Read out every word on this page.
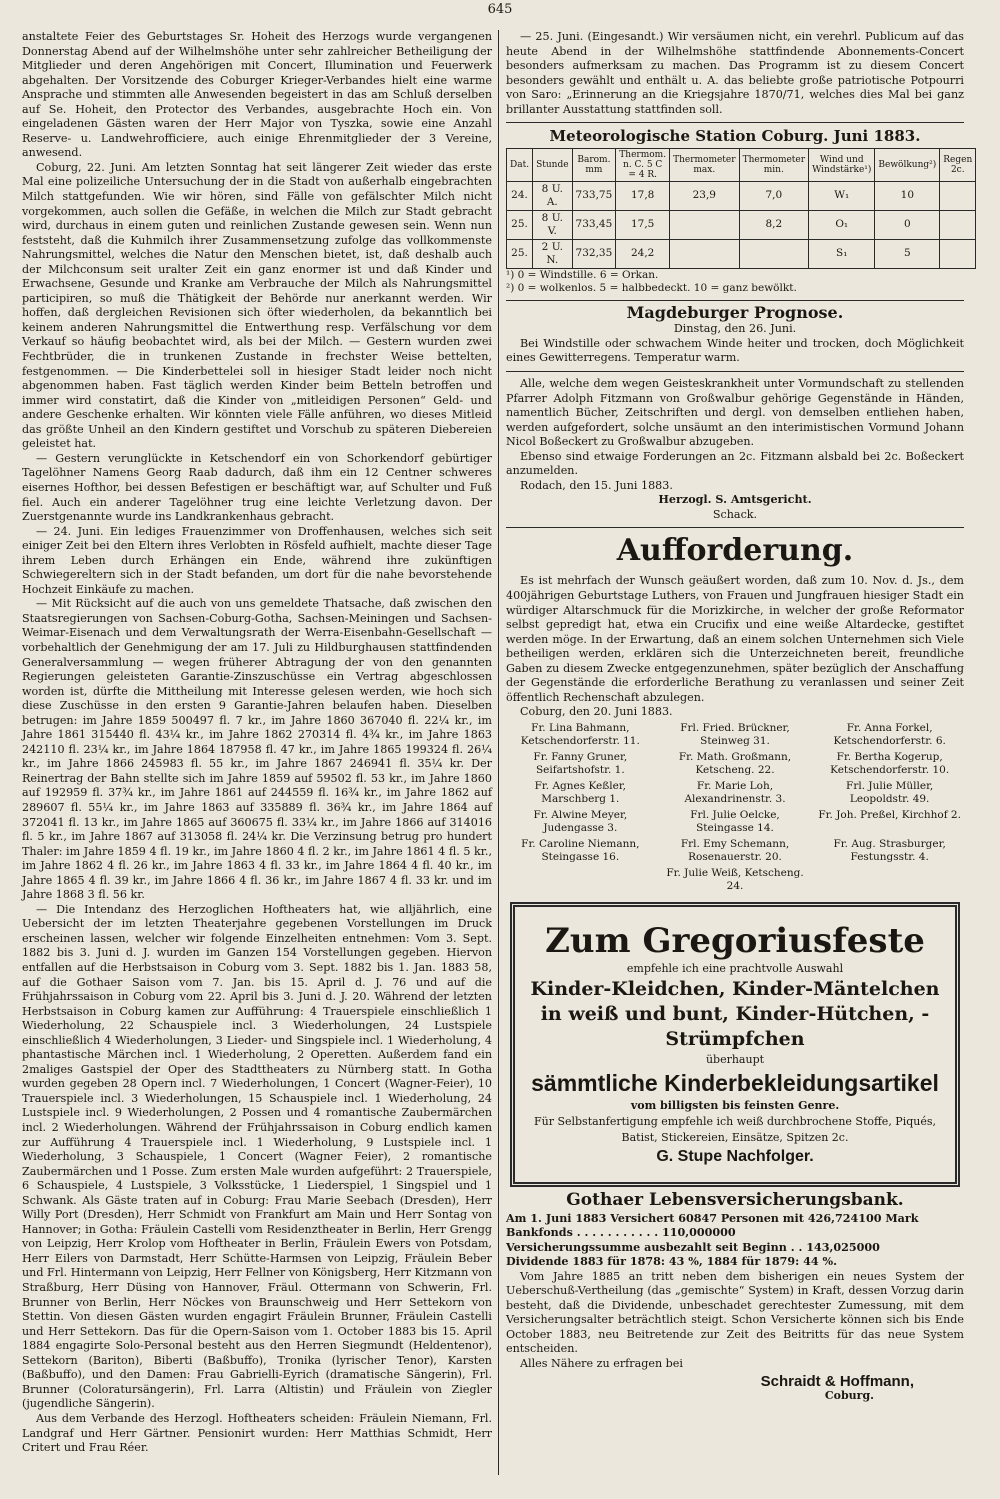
645

anstaltete Feier des Geburtstages Sr. Hoheit des Herzogs wurde vergangenen Donnerstag Abend auf der Wilhelmshöhe unter sehr zahlreicher Betheiligung der Mitglieder und deren Angehörigen mit Concert, Illumination und Feuerwerk abgehalten. Der Vorsitzende des Coburger Krieger-Verbandes hielt eine warme Ansprache und stimmten alle Anwesenden begeistert in das am Schluß derselben auf Se. Hoheit, den Protector des Verbandes, ausgebrachte Hoch ein. Von eingeladenen Gästen waren der Herr Major von Tyszka, sowie eine Anzahl Reserve- u. Landwehrofficiere, auch einige Ehrenmitglieder der 3 Vereine, anwesend.

Coburg, 22. Juni. Am letzten Sonntag hat seit längerer Zeit wieder das erste Mal eine polizeiliche Untersuchung der in die Stadt von außerhalb eingebrachten Milch stattgefunden. Wie wir hören, sind Fälle von gefälschter Milch nicht vorgekommen, auch sollen die Gefäße, in welchen die Milch zur Stadt gebracht wird, durchaus in einem guten und reinlichen Zustande gewesen sein. Wenn nun feststeht, daß die Kuhmilch ihrer Zusammensetzung zufolge das vollkommenste Nahrungsmittel, welches die Natur den Menschen bietet, ist, daß deshalb auch der Milchconsum seit uralter Zeit ein ganz enormer ist und daß Kinder und Erwachsene, Gesunde und Kranke am Verbrauche der Milch als Nahrungsmittel participiren, so muß die Thätigkeit der Behörde nur anerkannt werden. Wir hoffen, daß dergleichen Revisionen sich öfter wiederholen, da bekanntlich bei keinem anderen Nahrungsmittel die Entwerthung resp. Verfälschung vor dem Verkauf so häufig beobachtet wird, als bei der Milch. — Gestern wurden zwei Fechtbrüder, die in trunkenen Zustande in frechster Weise bettelten, festgenommen. — Die Kinderbettelei soll in hiesiger Stadt leider noch nicht abgenommen haben. Fast täglich werden Kinder beim Betteln betroffen und immer wird constatirt, daß die Kinder von „mitleidigen Personen“ Geld- und andere Geschenke erhalten. Wir könnten viele Fälle anführen, wo dieses Mitleid das größte Unheil an den Kindern gestiftet und Vorschub zu späteren Diebereien geleistet hat.

— Gestern verunglückte in Ketschendorf ein von Schorkendorf gebürtiger Tagelöhner Namens Georg Raab dadurch, daß ihm ein 12 Centner schweres eisernes Hofthor, bei dessen Befestigen er beschäftigt war, auf Schulter und Fuß fiel. Auch ein anderer Tagelöhner trug eine leichte Verletzung davon. Der Zuerstgenannte wurde ins Landkrankenhaus gebracht.

— 24. Juni. Ein lediges Frauenzimmer von Droffenhausen, welches sich seit einiger Zeit bei den Eltern ihres Verlobten in Rösfeld aufhielt, machte dieser Tage ihrem Leben durch Erhängen ein Ende, während ihre zukünftigen Schwiegereltern sich in der Stadt befanden, um dort für die nahe bevorstehende Hochzeit Einkäufe zu machen.

— Mit Rücksicht auf die auch von uns gemeldete Thatsache, daß zwischen den Staatsregierungen von Sachsen-Coburg-Gotha, Sachsen-Meiningen und Sachsen-Weimar-Eisenach und dem Verwaltungsrath der Werra-Eisenbahn-Gesellschaft — vorbehaltlich der Genehmigung der am 17. Juli zu Hildburghausen stattfindenden Generalversammlung — wegen früherer Abtragung der von den genannten Regierungen geleisteten Garantie-Zinszuschüsse ein Vertrag abgeschlossen worden ist, dürfte die Mittheilung mit Interesse gelesen werden, wie hoch sich diese Zuschüsse in den ersten 9 Garantie-Jahren belaufen haben. Dieselben betrugen: im Jahre 1859 500497 fl. 7 kr., im Jahre 1860 367040 fl. 22¼ kr., im Jahre 1861 315440 fl. 43¼ kr., im Jahre 1862 270314 fl. 4¾ kr., im Jahre 1863 242110 fl. 23¼ kr., im Jahre 1864 187958 fl. 47 kr., im Jahre 1865 199324 fl. 26¼ kr., im Jahre 1866 245983 fl. 55 kr., im Jahre 1867 246941 fl. 35¼ kr. Der Reinertrag der Bahn stellte sich im Jahre 1859 auf 59502 fl. 53 kr., im Jahre 1860 auf 192959 fl. 37¾ kr., im Jahre 1861 auf 244559 fl. 16¾ kr., im Jahre 1862 auf 289607 fl. 55¼ kr., im Jahre 1863 auf 335889 fl. 36¾ kr., im Jahre 1864 auf 372041 fl. 13 kr., im Jahre 1865 auf 360675 fl. 33¼ kr., im Jahre 1866 auf 314016 fl. 5 kr., im Jahre 1867 auf 313058 fl. 24¼ kr. Die Verzinsung betrug pro hundert Thaler: im Jahre 1859 4 fl. 19 kr., im Jahre 1860 4 fl. 2 kr., im Jahre 1861 4 fl. 5 kr., im Jahre 1862 4 fl. 26 kr., im Jahre 1863 4 fl. 33 kr., im Jahre 1864 4 fl. 40 kr., im Jahre 1865 4 fl. 39 kr., im Jahre 1866 4 fl. 36 kr., im Jahre 1867 4 fl. 33 kr. und im Jahre 1868 3 fl. 56 kr.

— Die Intendanz des Herzoglichen Hoftheaters hat, wie alljährlich, eine Uebersicht der im letzten Theaterjahre gegebenen Vorstellungen im Druck erscheinen lassen, welcher wir folgende Einzelheiten entnehmen: Vom 3. Sept. 1882 bis 3. Juni d. J. wurden im Ganzen 154 Vorstellungen gegeben. Hiervon entfallen auf die Herbstsaison in Coburg vom 3. Sept. 1882 bis 1. Jan. 1883 58, auf die Gothaer Saison vom 7. Jan. bis 15. April d. J. 76 und auf die Frühjahrssaison in Coburg vom 22. April bis 3. Juni d. J. 20. Während der letzten Herbstsaison in Coburg kamen zur Aufführung: 4 Trauerspiele einschließlich 1 Wiederholung, 22 Schauspiele incl. 3 Wiederholungen, 24 Lustspiele einschließlich 4 Wiederholungen, 3 Lieder- und Singspiele incl. 1 Wiederholung, 4 phantastische Märchen incl. 1 Wiederholung, 2 Operetten. Außerdem fand ein 2maliges Gastspiel der Oper des Stadttheaters zu Nürnberg statt. In Gotha wurden gegeben 28 Opern incl. 7 Wiederholungen, 1 Concert (Wagner-Feier), 10 Trauerspiele incl. 3 Wiederholungen, 15 Schauspiele incl. 1 Wiederholung, 24 Lustspiele incl. 9 Wiederholungen, 2 Possen und 4 romantische Zaubermärchen incl. 2 Wiederholungen. Während der Frühjahrssaison in Coburg endlich kamen zur Aufführung 4 Trauerspiele incl. 1 Wiederholung, 9 Lustspiele incl. 1 Wiederholung, 3 Schauspiele, 1 Concert (Wagner Feier), 2 romantische Zaubermärchen und 1 Posse. Zum ersten Male wurden aufgeführt: 2 Trauerspiele, 6 Schauspiele, 4 Lustspiele, 3 Volksstücke, 1 Liederspiel, 1 Singspiel und 1 Schwank. Als Gäste traten auf in Coburg: Frau Marie Seebach (Dresden), Herr Willy Port (Dresden), Herr Schmidt von Frankfurt am Main und Herr Sontag von Hannover; in Gotha: Fräulein Castelli vom Residenztheater in Berlin, Herr Grengg von Leipzig, Herr Krolop vom Hoftheater in Berlin, Fräulein Ewers von Potsdam, Herr Eilers von Darmstadt, Herr Schütte-Harmsen von Leipzig, Fräulein Beber und Frl. Hintermann von Leipzig, Herr Fellner von Königsberg, Herr Kitzmann von Straßburg, Herr Düsing von Hannover, Fräul. Ottermann von Schwerin, Frl. Brunner von Berlin, Herr Nöckes von Braunschweig und Herr Settekorn von Stettin. Von diesen Gästen wurden engagirt Fräulein Brunner, Fräulein Castelli und Herr Settekorn. Das für die Opern-Saison vom 1. October 1883 bis 15. April 1884 engagirte Solo-Personal besteht aus den Herren Siegmundt (Heldentenor), Settekorn (Bariton), Biberti (Baßbuffo), Tronika (lyrischer Tenor), Karsten (Baßbuffo), und den Damen: Frau Gabrielli-Eyrich (dramatische Sängerin), Frl. Brunner (Coloratursängerin), Frl. Larra (Altistin) und Fräulein von Ziegler (jugendliche Sängerin).

Aus dem Verbande des Herzogl. Hoftheaters scheiden: Fräulein Niemann, Frl. Landgraf und Herr Gärtner. Pensionirt wurden: Herr Matthias Schmidt, Herr Critert und Frau Réer.

— 25. Juni. (Eingesandt.) Wir versäumen nicht, ein verehrl. Publicum auf das heute Abend in der Wilhelmshöhe stattfindende Abonnements-Concert besonders aufmerksam zu machen. Das Programm ist zu diesem Concert besonders gewählt und enthält u. A. das beliebte große patriotische Potpourri von Saro: „Erinnerung an die Kriegsjahre 1870/71, welches dies Mal bei ganz brillanter Ausstattung stattfinden soll.

Meteorologische Station Coburg. Juni 1883.
Dat.	Stunde	Barom. mm	Thermom. n. C. 5 C = 4 R.	Thermometer max.	Thermometer min.	Wind und Windstärke¹)	Bewölkung²)	Regen 2c.
24.	8 U. A.	733,75	17,8	23,9	7,0	W₁	10	
25.	8 U. V.	733,45	17,5		8,2	O₁	0	
25.	2 U. N.	732,35	24,2			S₁	5	
¹) 0 = Windstille. 6 = Orkan.
²) 0 = wolkenlos. 5 = halbbedeckt. 10 = ganz bewölkt.
Magdeburger Prognose.
Dinstag, den 26. Juni.

Bei Windstille oder schwachem Winde heiter und trocken, doch Möglichkeit eines Gewitterregens. Temperatur warm.

Alle, welche dem wegen Geisteskrankheit unter Vormundschaft zu stellenden Pfarrer Adolph Fitzmann von Großwalbur gehörige Gegenstände in Händen, namentlich Bücher, Zeitschriften und dergl. von demselben entliehen haben, werden aufgefordert, solche unsäumt an den interimistischen Vormund Johann Nicol Boßeckert zu Großwalbur abzugeben.

Ebenso sind etwaige Forderungen an 2c. Fitzmann alsbald bei 2c. Boßeckert anzumelden.

Rodach, den 15. Juni 1883.

Herzogl. S. Amtsgericht.
Schack.
Aufforderung.

Es ist mehrfach der Wunsch geäußert worden, daß zum 10. Nov. d. Js., dem 400jährigen Geburtstage Luthers, von Frauen und Jungfrauen hiesiger Stadt ein würdiger Altarschmuck für die Morizkirche, in welcher der große Reformator selbst gepredigt hat, etwa ein Crucifix und eine weiße Altardecke, gestiftet werden möge. In der Erwartung, daß an einem solchen Unternehmen sich Viele betheiligen werden, erklären sich die Unterzeichneten bereit, freundliche Gaben zu diesem Zwecke entgegenzunehmen, später bezüglich der Anschaffung der Gegenstände die erforderliche Berathung zu veranlassen und seiner Zeit öffentlich Rechenschaft abzulegen.

Coburg, den 20. Juni 1883.

Fr. Lina Bahmann, Ketschendorferstr. 11.
Frl. Fried. Brückner, Steinweg 31.
Fr. Anna Forkel, Ketschendorferstr. 6.
Fr. Fanny Gruner, Seifartshofstr. 1.
Fr. Math. Großmann, Ketscheng. 22.
Fr. Bertha Kogerup, Ketschendorferstr. 10.
Fr. Agnes Keßler, Marschberg 1.
Fr. Marie Loh, Alexandrinenstr. 3.
Frl. Julie Müller, Leopoldstr. 49.
Fr. Alwine Meyer, Judengasse 3.
Frl. Julie Oelcke, Steingasse 14.
Fr. Joh. Preßel, Kirchhof 2.
Fr. Caroline Niemann, Steingasse 16.
Frl. Emy Schemann, Rosenauerstr. 20.
Fr. Aug. Strasburger, Festungsstr. 4.
Fr. Julie Weiß, Ketscheng. 24.
Zum Gregoriusfeste
empfehle ich eine prachtvolle Auswahl
Kinder-Kleidchen, Kinder-Mäntelchen in weiß und bunt, Kinder-Hütchen, -Strümpfchen
überhaupt
sämmtliche Kinderbekleidungsartikel
vom billigsten bis feinsten Genre.
Für Selbstanfertigung empfehle ich weiß durchbrochene Stoffe, Piqués, Batist, Stickereien, Einsätze, Spitzen 2c.
G. Stupe Nachfolger.
Gothaer Lebensversicherungsbank.
Am 1. Juni 1883 Versichert 60847 Personen mit 426,724100 Mark
Bankfonds . . . . . . . . . . . 110,000000
Versicherungssumme ausbezahlt seit Beginn . . 143,025000
Dividende 1883 für 1878: 43 %, 1884 für 1879: 44 %.

Vom Jahre 1885 an tritt neben dem bisherigen ein neues System der Ueberschuß-Vertheilung (das „gemischte“ System) in Kraft, dessen Vorzug darin besteht, daß die Dividende, unbeschadet gerechtester Zumessung, mit dem Versicherungsalter beträchtlich steigt. Schon Versicherte können sich bis Ende October 1883, neu Beitretende zur Zeit des Beitritts für das neue System entscheiden.

Alles Nähere zu erfragen bei

Schraidt & Hoffmann,
Coburg.
